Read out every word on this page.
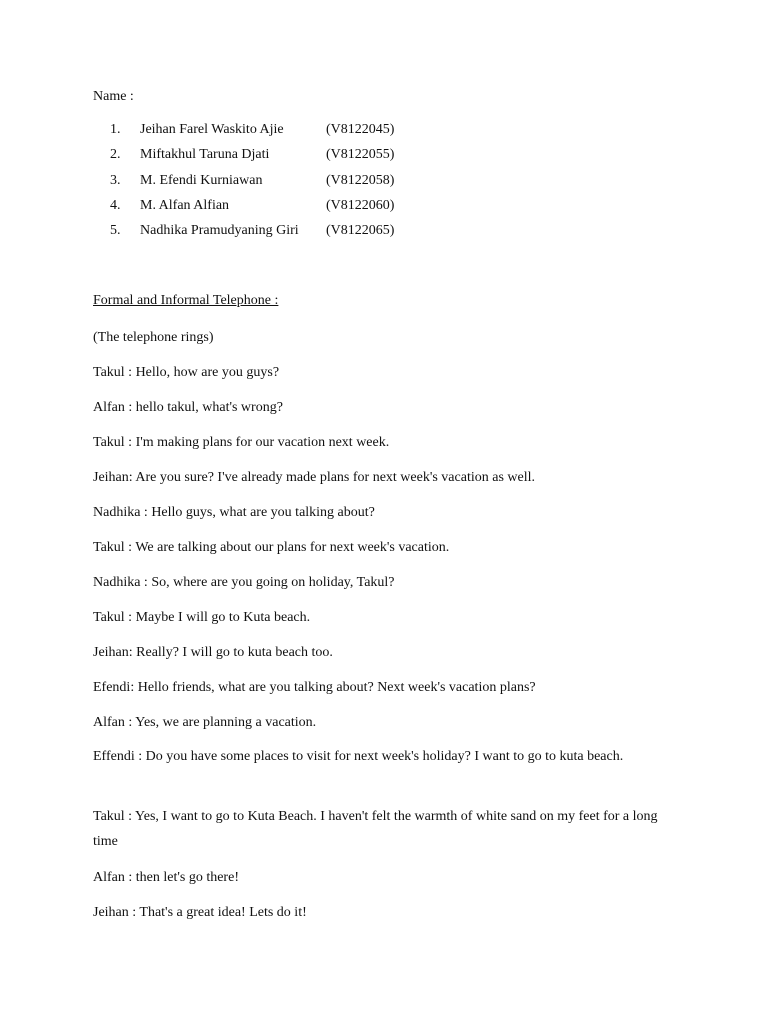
Name :
1.	Jeihan Farel Waskito Ajie	(V8122045)
2.	Miftakhul Taruna Djati	(V8122055)
3.	M. Efendi Kurniawan	(V8122058)
4.	M. Alfan Alfian	(V8122060)
5.	Nadhika Pramudyaning Giri	(V8122065)
Formal and Informal Telephone :

(The telephone rings)

Takul : Hello, how are you guys?

Alfan : hello takul, what's wrong?

Takul : I'm making plans for our vacation next week.

Jeihan: Are you sure? I've already made plans for next week's vacation as well.

Nadhika : Hello guys, what are you talking about?

Takul : We are talking about our plans for next week's vacation.

Nadhika : So, where are you going on holiday, Takul?

Takul : Maybe I will go to Kuta beach.

Jeihan: Really? I will go to kuta beach too.

Efendi: Hello friends, what are you talking about? Next week's vacation plans?

Alfan : Yes, we are planning a vacation.

Effendi : Do you have some places to visit for next week's holiday? I want to go to kuta beach.

Takul : Yes, I want to go to Kuta Beach. I haven't felt the warmth of white sand on my feet for a long time

Alfan : then let's go there!

Jeihan : That's a great idea! Lets do it!
